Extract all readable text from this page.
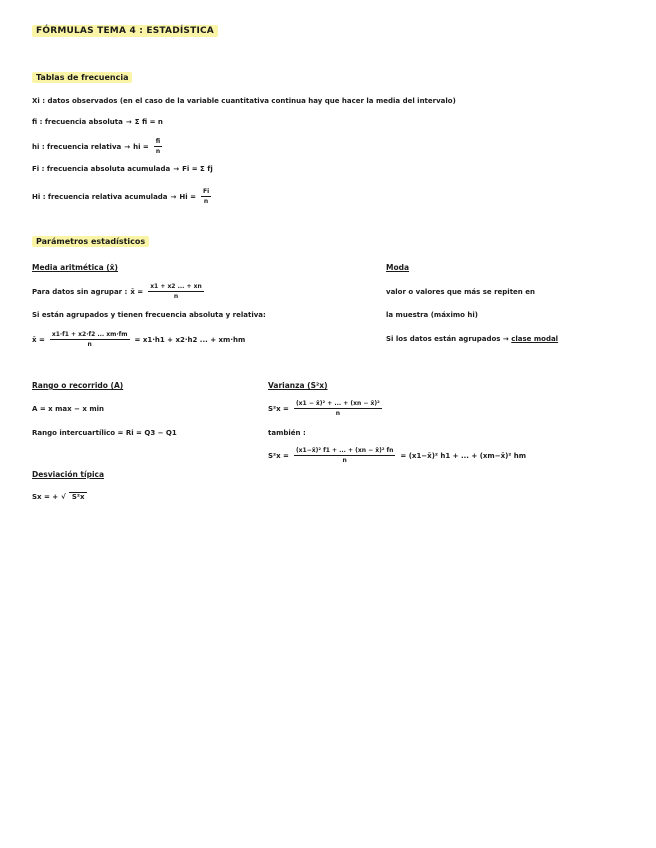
FÓRMULAS TEMA 4 : ESTADÍSTICA
Tablas de frecuencia
Xi : datos observados (en el caso de la variable cuantitativa continua hay que hacer la media del intervalo)
fi : frecuencia absoluta → Σ fi = n
hi : frecuencia relativa → hi = $\frac{fi}{n}$
Fi : frecuencia absoluta acumulada → Fi = Σ fj
Hi : frecuencia relativa acumulada → $Hi = \frac{Fi}{n}$
Parámetros estadísticos
Media aritmética (x̄)
Para datos sin agrupar : x̄ = $\frac{x1 + x2 ... + xn}{n}$
Si están agrupados y tienen frecuencia absoluta y relativa:
x̄ = $\frac{x1\cdot f1 + x2\cdot f2 ... xm\cdot fm}{n} = x1\cdot h1 + x2\cdot h2$ ... + xm·hm
Moda
valor o valores que más se repiten en
la muestra (máximo hi)
Si los datos están agrupados → clase modal
Rango o recorrido (A)
A = x max − x min
Rango intercuartílico = Ri = Q3 − Q1
Varianza (S²x)
$S^2x = \frac{\text{(x1 − x̄)² + ... + (xn − x̄)²}}{n}$
también :
$S^2x = \frac{\text{(x1−x̄)² f1 + ... + (xn − x̄)² fn}}{n}$ = (x1−x̄)² h1 + ... + (xm−x̄)² hm
Desviación típica
Sx = + √ S²x
